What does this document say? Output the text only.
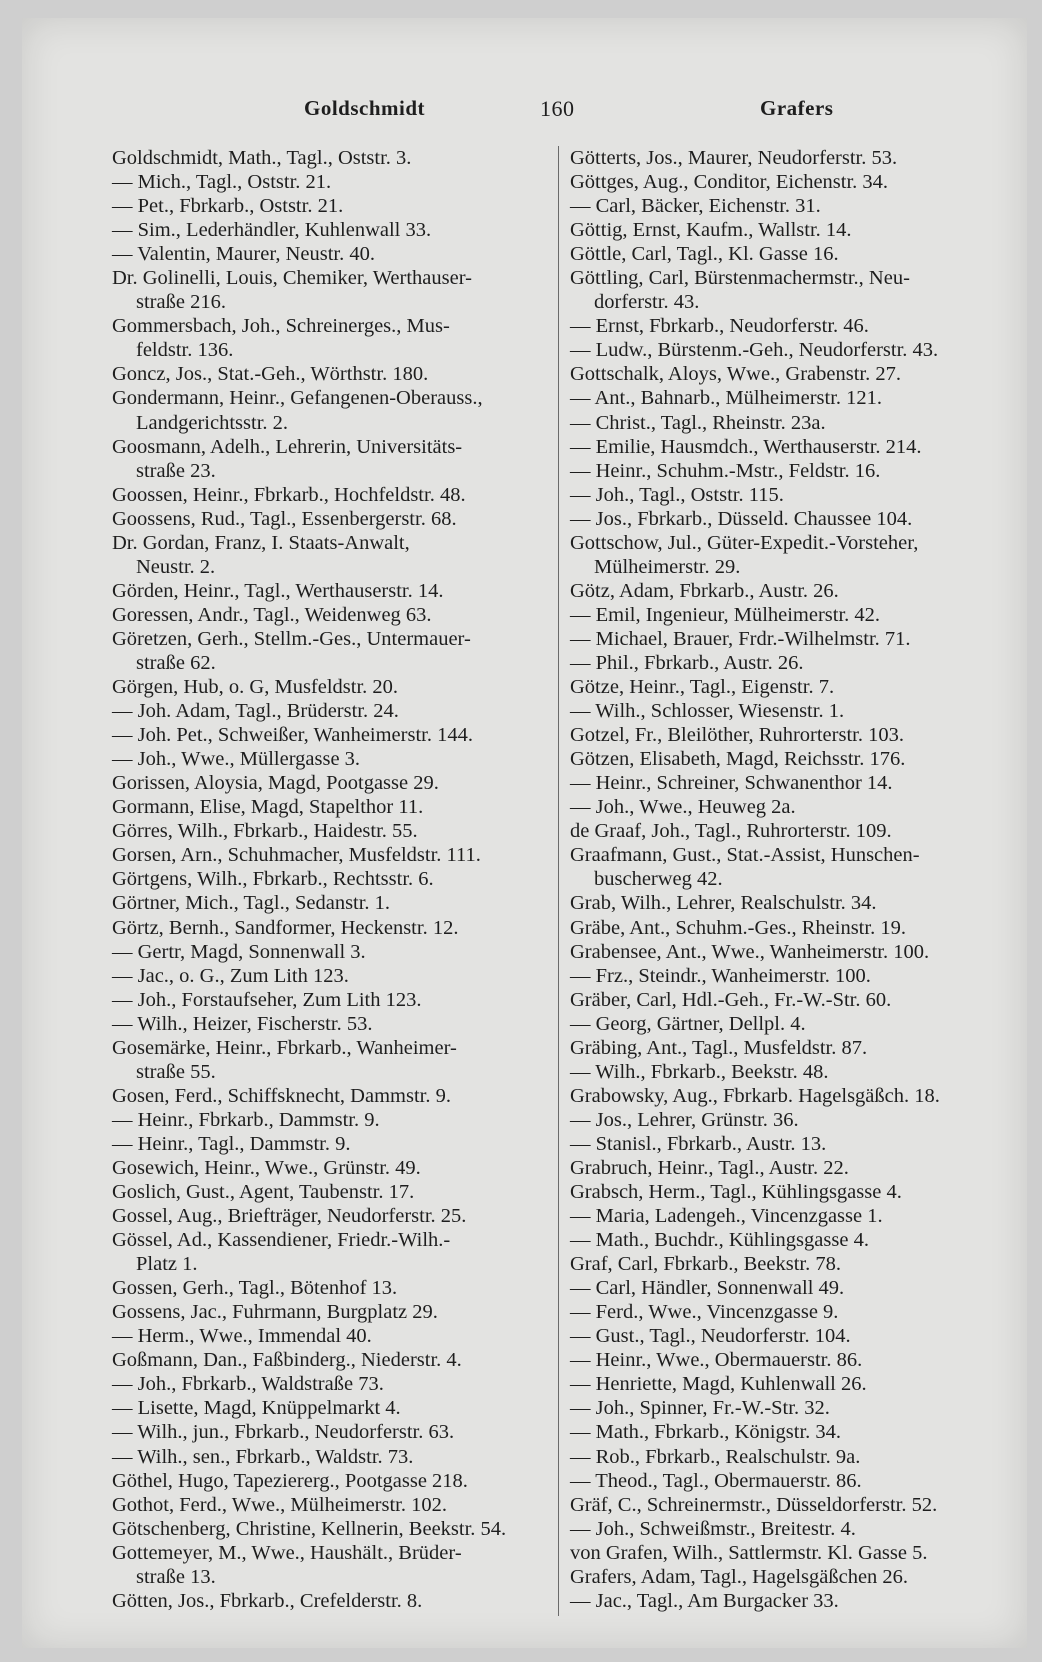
Goldschmidt	160	Grafers
Goldschmidt, Math., Tagl., Oststr. 3.
— Mich., Tagl., Oststr. 21.
— Pet., Fbrkarb., Oststr. 21.
— Sim., Lederhändler, Kuhlenwall 33.
— Valentin, Maurer, Neustr. 40.
Dr. Golinelli, Louis, Chemiker, Werthauser-
straße 216.
Gommersbach, Joh., Schreinerges., Mus-
feldstr. 136.
Goncz, Jos., Stat.-Geh., Wörthstr. 180.
Gondermann, Heinr., Gefangenen-Oberauss.,
Landgerichtsstr. 2.
Goosmann, Adelh., Lehrerin, Universitäts-
straße 23.
Goossen, Heinr., Fbrkarb., Hochfeldstr. 48.
Goossens, Rud., Tagl., Essenbergerstr. 68.
Dr. Gordan, Franz, I. Staats-Anwalt,
Neustr. 2.
Görden, Heinr., Tagl., Werthauserstr. 14.
Goressen, Andr., Tagl., Weidenweg 63.
Göretzen, Gerh., Stellm.-Ges., Untermauer-
straße 62.
Görgen, Hub, o. G, Musfeldstr. 20.
— Joh. Adam, Tagl., Brüderstr. 24.
— Joh. Pet., Schweißer, Wanheimerstr. 144.
— Joh., Wwe., Müllergasse 3.
Gorissen, Aloysia, Magd, Pootgasse 29.
Gormann, Elise, Magd, Stapelthor 11.
Görres, Wilh., Fbrkarb., Haidestr. 55.
Gorsen, Arn., Schuhmacher, Musfeldstr. 111.
Görtgens, Wilh., Fbrkarb., Rechtsstr. 6.
Görtner, Mich., Tagl., Sedanstr. 1.
Görtz, Bernh., Sandformer, Heckenstr. 12.
— Gertr, Magd, Sonnenwall 3.
— Jac., o. G., Zum Lith 123.
— Joh., Forstaufseher, Zum Lith 123.
— Wilh., Heizer, Fischerstr. 53.
Gosemärke, Heinr., Fbrkarb., Wanheimer-
straße 55.
Gosen, Ferd., Schiffsknecht, Dammstr. 9.
— Heinr., Fbrkarb., Dammstr. 9.
— Heinr., Tagl., Dammstr. 9.
Gosewich, Heinr., Wwe., Grünstr. 49.
Goslich, Gust., Agent, Taubenstr. 17.
Gossel, Aug., Briefträger, Neudorferstr. 25.
Gössel, Ad., Kassendiener, Friedr.-Wilh.-
Platz 1.
Gossen, Gerh., Tagl., Bötenhof 13.
Gossens, Jac., Fuhrmann, Burgplatz 29.
— Herm., Wwe., Immendal 40.
Goßmann, Dan., Faßbinderg., Niederstr. 4.
— Joh., Fbrkarb., Waldstraße 73.
— Lisette, Magd, Knüppelmarkt 4.
— Wilh., jun., Fbrkarb., Neudorferstr. 63.
— Wilh., sen., Fbrkarb., Waldstr. 73.
Göthel, Hugo, Tapeziererg., Pootgasse 218.
Gothot, Ferd., Wwe., Mülheimerstr. 102.
Götschenberg, Christine, Kellnerin, Beekstr. 54.
Gottemeyer, M., Wwe., Haushält., Brüder-
straße 13.
Götten, Jos., Fbrkarb., Crefelderstr. 8.
Götterts, Jos., Maurer, Neudorferstr. 53.
Göttges, Aug., Conditor, Eichenstr. 34.
— Carl, Bäcker, Eichenstr. 31.
Göttig, Ernst, Kaufm., Wallstr. 14.
Göttle, Carl, Tagl., Kl. Gasse 16.
Göttling, Carl, Bürstenmachermstr., Neu-
dorferstr. 43.
— Ernst, Fbrkarb., Neudorferstr. 46.
— Ludw., Bürstenm.-Geh., Neudorferstr. 43.
Gottschalk, Aloys, Wwe., Grabenstr. 27.
— Ant., Bahnarb., Mülheimerstr. 121.
— Christ., Tagl., Rheinstr. 23a.
— Emilie, Hausmdch., Werthauserstr. 214.
— Heinr., Schuhm.-Mstr., Feldstr. 16.
— Joh., Tagl., Oststr. 115.
— Jos., Fbrkarb., Düsseld. Chaussee 104.
Gottschow, Jul., Güter-Expedit.-Vorsteher,
Mülheimerstr. 29.
Götz, Adam, Fbrkarb., Austr. 26.
— Emil, Ingenieur, Mülheimerstr. 42.
— Michael, Brauer, Frdr.-Wilhelmstr. 71.
— Phil., Fbrkarb., Austr. 26.
Götze, Heinr., Tagl., Eigenstr. 7.
— Wilh., Schlosser, Wiesenstr. 1.
Gotzel, Fr., Bleilöther, Ruhrorterstr. 103.
Götzen, Elisabeth, Magd, Reichsstr. 176.
— Heinr., Schreiner, Schwanenthor 14.
— Joh., Wwe., Heuweg 2a.
de Graaf, Joh., Tagl., Ruhrorterstr. 109.
Graafmann, Gust., Stat.-Assist, Hunschen-
buscherweg 42.
Grab, Wilh., Lehrer, Realschulstr. 34.
Gräbe, Ant., Schuhm.-Ges., Rheinstr. 19.
Grabensee, Ant., Wwe., Wanheimerstr. 100.
— Frz., Steindr., Wanheimerstr. 100.
Gräber, Carl, Hdl.-Geh., Fr.-W.-Str. 60.
— Georg, Gärtner, Dellpl. 4.
Gräbing, Ant., Tagl., Musfeldstr. 87.
— Wilh., Fbrkarb., Beekstr. 48.
Grabowsky, Aug., Fbrkarb. Hagelsgäßch. 18.
— Jos., Lehrer, Grünstr. 36.
— Stanisl., Fbrkarb., Austr. 13.
Grabruch, Heinr., Tagl., Austr. 22.
Grabsch, Herm., Tagl., Kühlingsgasse 4.
— Maria, Ladengeh., Vincenzgasse 1.
— Math., Buchdr., Kühlingsgasse 4.
Graf, Carl, Fbrkarb., Beekstr. 78.
— Carl, Händler, Sonnenwall 49.
— Ferd., Wwe., Vincenzgasse 9.
— Gust., Tagl., Neudorferstr. 104.
— Heinr., Wwe., Obermauerstr. 86.
— Henriette, Magd, Kuhlenwall 26.
— Joh., Spinner, Fr.-W.-Str. 32.
— Math., Fbrkarb., Königstr. 34.
— Rob., Fbrkarb., Realschulstr. 9a.
— Theod., Tagl., Obermauerstr. 86.
Gräf, C., Schreinermstr., Düsseldorferstr. 52.
— Joh., Schweißmstr., Breitestr. 4.
von Grafen, Wilh., Sattlermstr. Kl. Gasse 5.
Grafers, Adam, Tagl., Hagelsgäßchen 26.
— Jac., Tagl., Am Burgacker 33.
